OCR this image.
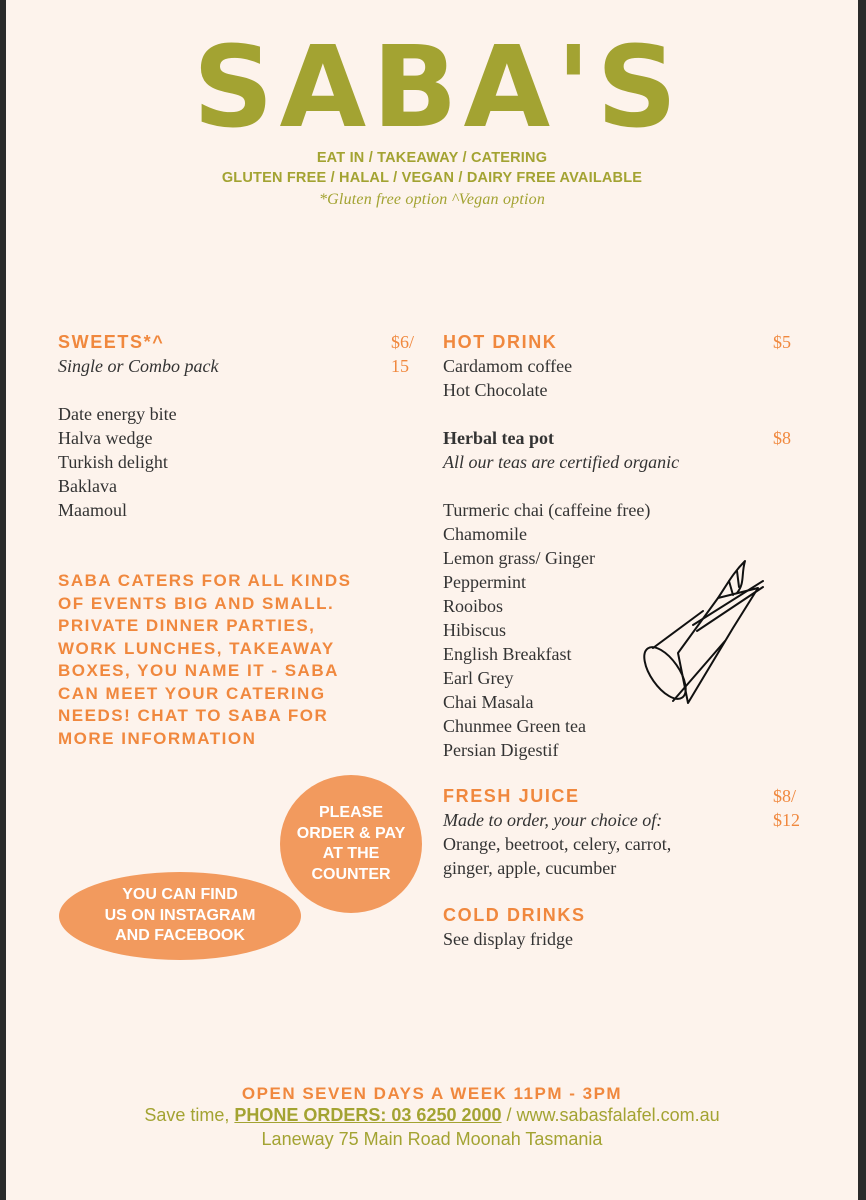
SABA'S
EAT IN / TAKEAWAY / CATERING
GLUTEN FREE / HALAL / VEGAN / DAIRY FREE AVAILABLE
*Gluten free option ^Vegan option
SWEETS*^	$6/
15
Single or Combo pack
Date energy bite
Halva wedge
Turkish delight
Baklava
Maamoul
SABA CATERS FOR ALL KINDS OF EVENTS BIG AND SMALL. PRIVATE DINNER PARTIES, WORK LUNCHES, TAKEAWAY BOXES, YOU NAME IT - SABA CAN MEET YOUR CATERING NEEDS! CHAT TO SABA FOR MORE INFORMATION
PLEASE
ORDER & PAY
AT THE
COUNTER
YOU CAN FIND
US ON INSTAGRAM
AND FACEBOOK
HOT DRINK	$5
Cardamom coffee
Hot Chocolate
Herbal tea pot	$8
All our teas are certified organic
Turmeric chai (caffeine free)
Chamomile
Lemon grass/ Ginger
Peppermint
Rooibos
Hibiscus
English Breakfast
Earl Grey
Chai Masala
Chunmee Green tea
Persian Digestif
FRESH JUICE	$8/
$12
Made to order, your choice of:
Orange, beetroot, celery, carrot,
ginger, apple, cucumber
COLD DRINKS
See display fridge
OPEN SEVEN DAYS A WEEK 11PM - 3PM
Save time, PHONE ORDERS: 03 6250 2000 / www.sabasfalafel.com.au
Laneway 75 Main Road Moonah Tasmania
